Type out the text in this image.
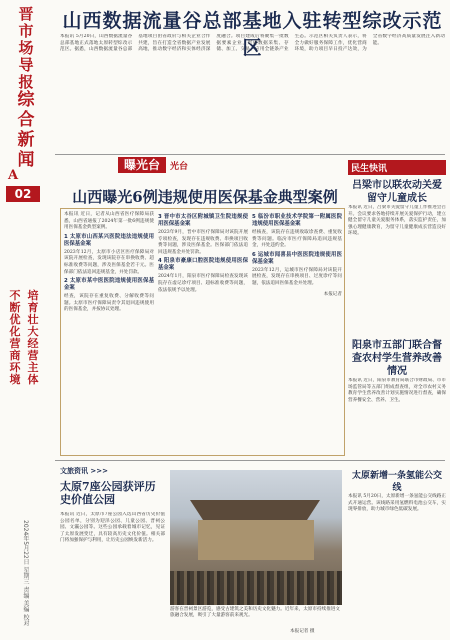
晋
市
场
导
报
综
合
新
闻
A
02
不断优化营商环境培育壮大经营主体
2024年5月22日 星期三 责编 美编 校对
山西数据流量谷总部基地入驻转型综改示范区
本报讯 5月20日，山西数据流量谷总部基地正式落地太原转型综改示范区。据悉，山西数据流量谷总部基地项目由省政府与相关企业合作共建，旨在打造全省数据产业发展高地，推动数字经济和实体经济深度融合。项目建成后将聚集一批数据要素企业，形成数据采集、存储、加工、交易、应用全链条产业生态。示范区相关负责人表示，将全力做好服务保障工作，优化营商环境，助力项目早日投产达效，为全省数字经济高质量发展注入新动能。
曝光台	光台
山西曝光6例违规使用医保基金典型案例

本报讯 近日，记者从山西省医疗保障局获悉，山西省通报了2024年第一批6例违规使用医保基金典型案例。

1 太原市山西某兴医院违法违规使用医保基金案

2023年12月，太原市小店区医疗保障局对该院开展检查，发现该院存在串换收费、超标准收费等问题，涉及医保基金若干元。医保部门依法追回违规基金，并处罚款。

2 太原市某中医医院违规使用医保基金案

经查，该院存在重复收费、分解收费等问题。太原市医疗保障局责令其退回违规使用的医保基金，并按协议处理。

3 晋中市太谷区附城镇卫生院违规使用医保基金案

2023年9月，晋中市医疗保障局对该院开展专项检查，发现存在违规收费、串换项目收费等问题，涉及医保基金。医保部门依法追回违规基金并处罚款。

4 阳泉市豪康口腔医院违规使用医保基金案

2024年1月，阳泉市医疗保障局检查发现该院存在虚记诊疗项目、超标准收费等问题，依法依规予以处理。

5 临汾市职业技术学院第一附属医院违规使用医保基金案

经核查，该院存在违规收取诊查费、重复收费等问题。临汾市医疗保障局追回违规基金，并处违约金。

6 运城市闻喜县中医医院违规使用医保基金案

2023年12月，运城市医疗保障局对该院开展检查，发现存在串换项目、过度诊疗等问题，依法追回医保基金并处理。

本报记者

民生快讯
吕梁市以联农动关爱留守儿童成长
本报讯 近日，吕梁市关爱留守儿童工作推进会召开。会议要求各地持续开展关爱保护行动，建立健全留守儿童关爱服务体系，落实监护责任，加强心理健康教育，为留守儿童健康成长营造良好环境。
阳泉市五部门联合督查农村学生营养改善情况
本报讯 近日，阳泉市教育局联合市财政局、市市场监管局等五部门组成督查组，对全市农村义务教育学生营养改善计划实施情况进行督查，确保营养餐安全、营养、卫生。
文旅资讯 >>>
太原7座公园获评历史价值公园
本报讯 近日，太原市7座公园入选山西省历史价值公园名单，分别为迎泽公园、儿童公园、晋祠公园、文瀛公园等。这些公园承载着城市记忆，见证了太原发展变迁，具有较高历史文化价值。相关部门将加强保护与利用，让历史公园焕发新活力。
游客在晋祠景区游览，感受古建筑之美和历史文化魅力。近年来，太原市持续推进文旅融合发展，吸引了大量游客前来观光。
本报记者 摄
太原新增一条氢能公交线
本报讯 5月20日，太原新增一条氢能公交线路正式开通运营。该线路采用氢燃料电池公交车，实现零排放，助力城市绿色低碳发展。
